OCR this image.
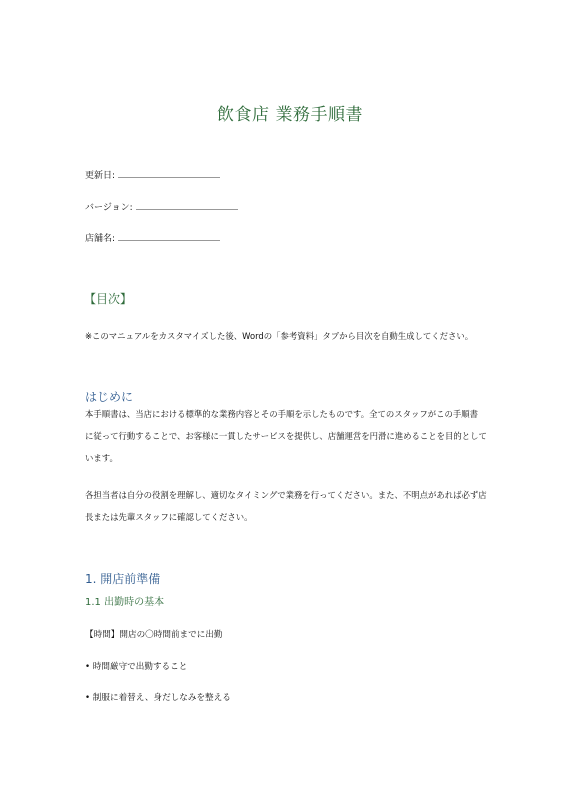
飲食店 業務手順書
更新日:
バージョン:
店舗名:
【目次】
※このマニュアルをカスタマイズした後、Wordの「参考資料」タブから目次を自動生成してください。
はじめに
本手順書は、当店における標準的な業務内容とその手順を示したものです。全てのスタッフがこの手順書
に従って行動することで、お客様に一貫したサービスを提供し、店舗運営を円滑に進めることを目的として
います。
各担当者は自分の役割を理解し、適切なタイミングで業務を行ってください。また、不明点があれば必ず店
長または先輩スタッフに確認してください。
1. 開店前準備
1.1 出勤時の基本
【時間】開店の〇時間前までに出勤
• 時間厳守で出勤すること
• 制服に着替え、身だしなみを整える
